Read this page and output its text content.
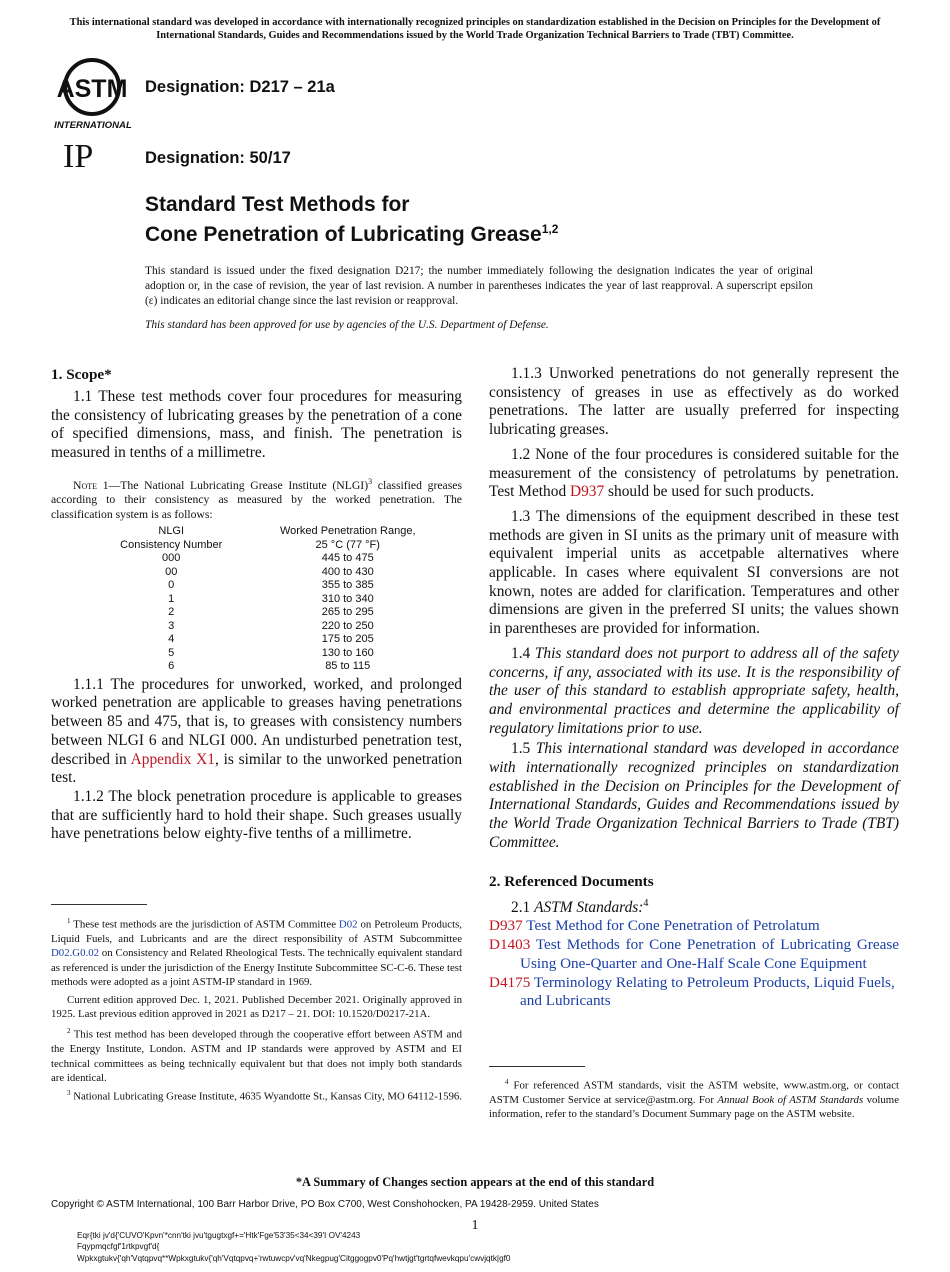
This international standard was developed in accordance with internationally recognized principles on standardization established in the Decision on Principles for the Development of International Standards, Guides and Recommendations issued by the World Trade Organization Technical Barriers to Trade (TBT) Committee.
ASTM
INTERNATIONAL
Designation: D217 – 21a
IP	Designation: 50/17
Standard Test Methods for
Cone Penetration of Lubricating Grease$^{1,2}$
This standard is issued under the fixed designation D217; the number immediately following the designation indicates the year of original adoption or, in the case of revision, the year of last revision. A number in parentheses indicates the year of last reapproval. A superscript epsilon (ε) indicates an editorial change since the last revision or reapproval.
This standard has been approved for use by agencies of the U.S. Department of Defense.
1. Scope*

1.1 These test methods cover four procedures for measuring the consistency of lubricating greases by the penetration of a cone of specified dimensions, mass, and finish. The penetration is measured in tenths of a millimetre.

Note 1—The National Lubricating Grease Institute (NLGI)$^3$ classified greases according to their consistency as measured by the worked penetration. The classification system is as follows:
NLGI	Worked Penetration Range,
Consistency Number	25 °C (77 °F)
000	445 to 475
00	400 to 430
0	355 to 385
1	310 to 340
2	265 to 295
3	220 to 250
4	175 to 205
5	130 to 160
6	85 to 115

1.1.1 The procedures for unworked, worked, and prolonged worked penetration are applicable to greases having penetrations between 85 and 475, that is, to greases with consistency numbers between NLGI 6 and NLGI 000. An undisturbed penetration test, described in Appendix X1, is similar to the unworked penetration test.

1.1.2 The block penetration procedure is applicable to greases that are sufficiently hard to hold their shape. Such greases usually have penetrations below eighty-five tenths of a millimetre.

$^1$ These test methods are the jurisdiction of ASTM Committee D02 on Petroleum Products, Liquid Fuels, and Lubricants and are the direct responsibility of ASTM Subcommittee D02.G0.02 on Consistency and Related Rheological Tests. The technically equivalent standard as referenced is under the jurisdiction of the Energy Institute Subcommittee SC-C-6. These test methods were adopted as a joint ASTM-IP standard in 1969.

Current edition approved Dec. 1, 2021. Published December 2021. Originally approved in 1925. Last previous edition approved in 2021 as D217 – 21. DOI: 10.1520/D0217-21A.

$^2$ This test method has been developed through the cooperative effort between ASTM and the Energy Institute, London. ASTM and IP standards were approved by ASTM and EI technical committees as being technically equivalent but that does not imply both standards are identical.

$^3$ National Lubricating Grease Institute, 4635 Wyandotte St., Kansas City, MO 64112-1596.

1.1.3 Unworked penetrations do not generally represent the consistency of greases in use as effectively as do worked penetrations. The latter are usually preferred for inspecting lubricating greases.

1.2 None of the four procedures is considered suitable for the measurement of the consistency of petrolatums by penetration. Test Method D937 should be used for such products.

1.3 The dimensions of the equipment described in these test methods are given in SI units as the primary unit of measure with equivalent imperial units as accetpable alternatives where applicable. In cases where equivalent SI conversions are not known, notes are added for clarification. Temperatures and other dimensions are given in the preferred SI units; the values shown in parentheses are provided for information.

1.4 This standard does not purport to address all of the safety concerns, if any, associated with its use. It is the responsibility of the user of this standard to establish appropriate safety, health, and environmental practices and determine the applicability of regulatory limitations prior to use.

1.5 This international standard was developed in accordance with internationally recognized principles on standardization established in the Decision on Principles for the Development of International Standards, Guides and Recommendations issued by the World Trade Organization Technical Barriers to Trade (TBT) Committee.

2. Referenced Documents

2.1 ASTM Standards:$^4$

D937 Test Method for Cone Penetration of Petrolatum
D1403 Test Methods for Cone Penetration of Lubricating Grease Using One-Quarter and One-Half Scale Cone Equipment
D4175 Terminology Relating to Petroleum Products, Liquid Fuels, and Lubricants

$^4$ For referenced ASTM standards, visit the ASTM website, www.astm.org, or contact ASTM Customer Service at service@astm.org. For Annual Book of ASTM Standards volume information, refer to the standard’s Document Summary page on the ASTM website.

*A Summary of Changes section appears at the end of this standard
Copyright © ASTM International, 100 Barr Harbor Drive, PO Box C700, West Conshohocken, PA 19428-2959. United States
1
Eqr{tki jv'd{'CUVO'Kpvn'*cnn'tki jvu'tgugtxgf+='Htk'Fgе'53'35<34<39'I OV'4243
Fqypmqcfgf'1rtkpvgf'd{
Wpkxgtukv{'qh'Vqtqpvq**Wpkxgtukv{'qh'Vqtqpvq+'rwtuwcpv'vq'Nkegpug'Citggogpv0'Pq'hwtjgt'tgrtqfwevkqpu'cwvjqtk|gf0
